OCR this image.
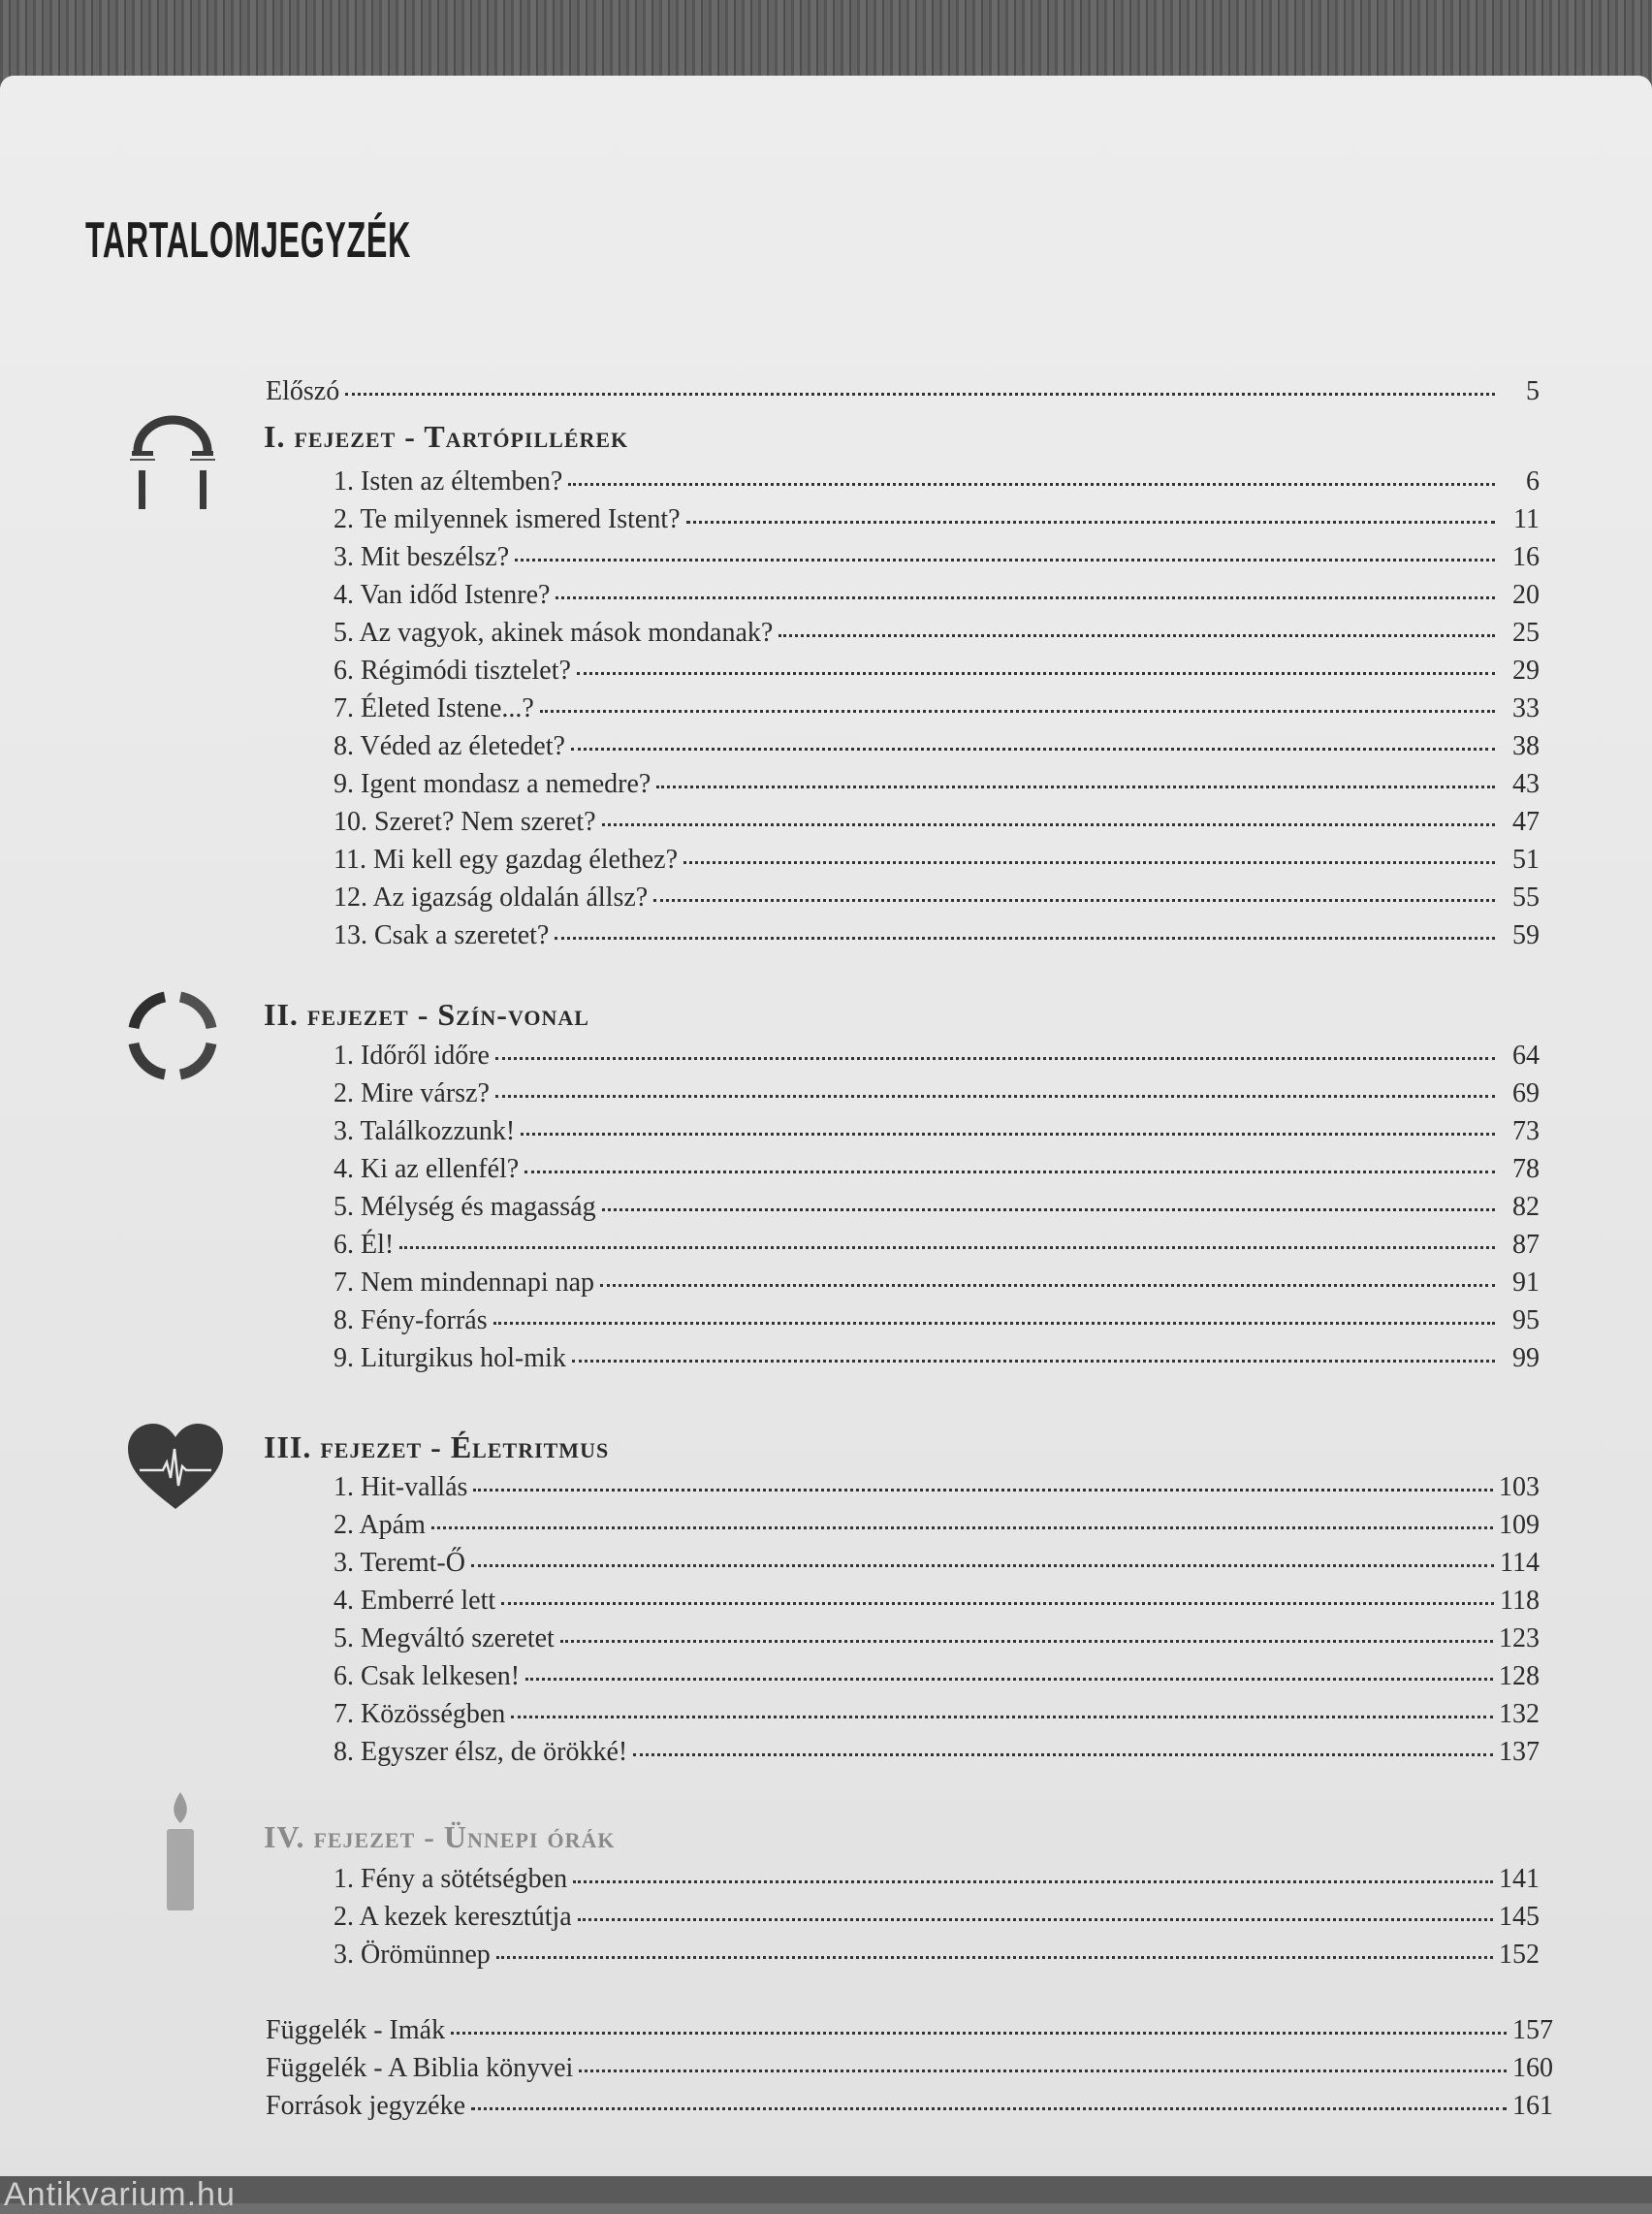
TARTALOMJEGYZÉK
Előszó	5
I. fejezet - Tartópillérek
1. Isten az éltemben?	6
2. Te milyennek ismered Istent?	11
3. Mit beszélsz?	16
4. Van időd Istenre?	20
5. Az vagyok, akinek mások mondanak?	25
6. Régimódi tisztelet?	29
7. Életed Istene...?	33
8. Véded az életedet?	38
9. Igent mondasz a nemedre?	43
10. Szeret? Nem szeret?	47
11. Mi kell egy gazdag élethez?	51
12. Az igazság oldalán állsz?	55
13. Csak a szeretet?	59
II. fejezet - Szín-vonal
1. Időről időre	64
2. Mire vársz?	69
3. Találkozzunk!	73
4. Ki az ellenfél?	78
5. Mélység és magasság	82
6. Él!	87
7. Nem mindennapi nap	91
8. Fény-forrás	95
9. Liturgikus hol-mik	99
III. fejezet - Életritmus
1. Hit-vallás	103
2. Apám	109
3. Teremt-Ő	114
4. Emberré lett	118
5. Megváltó szeretet	123
6. Csak lelkesen!	128
7. Közösségben	132
8. Egyszer élsz, de örökké!	137
IV. fejezet - Ünnepi órák
1. Fény a sötétségben	141
2. A kezek keresztútja	145
3. Örömünnep	152
Függelék - Imák	157
Függelék - A Biblia könyvei	160
Források jegyzéke	161
Antikvarium.hu
